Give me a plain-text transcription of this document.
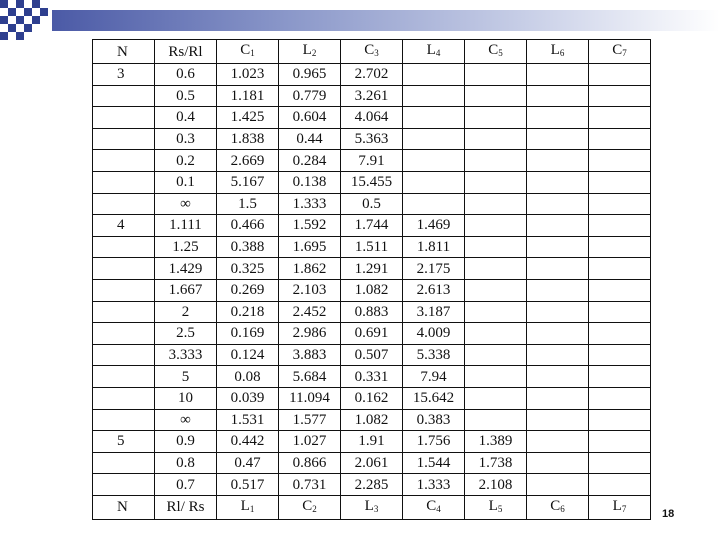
N	Rs/Rl	$C_1$	$L_2$	$C_3$	$L_4$	$C_5$	$L_6$	$C_7$
3	0.6	1.023	0.965	2.702				
	0.5	1.181	0.779	3.261				
	0.4	1.425	0.604	4.064				
	0.3	1.838	0.44	5.363				
	0.2	2.669	0.284	7.91				
	0.1	5.167	0.138	15.455				
	∞	1.5	1.333	0.5				
4	1.111	0.466	1.592	1.744	1.469			
	1.25	0.388	1.695	1.511	1.811			
	1.429	0.325	1.862	1.291	2.175			
	1.667	0.269	2.103	1.082	2.613			
	2	0.218	2.452	0.883	3.187			
	2.5	0.169	2.986	0.691	4.009			
	3.333	0.124	3.883	0.507	5.338			
	5	0.08	5.684	0.331	7.94			
	10	0.039	11.094	0.162	15.642			
	∞	1.531	1.577	1.082	0.383			
5	0.9	0.442	1.027	1.91	1.756	1.389		
	0.8	0.47	0.866	2.061	1.544	1.738		
	0.7	0.517	0.731	2.285	1.333	2.108		
N	Rl/ Rs	$L_1$	$C_2$	$L_3$	$C_4$	$L_5$	$C_6$	$L_7$	18
